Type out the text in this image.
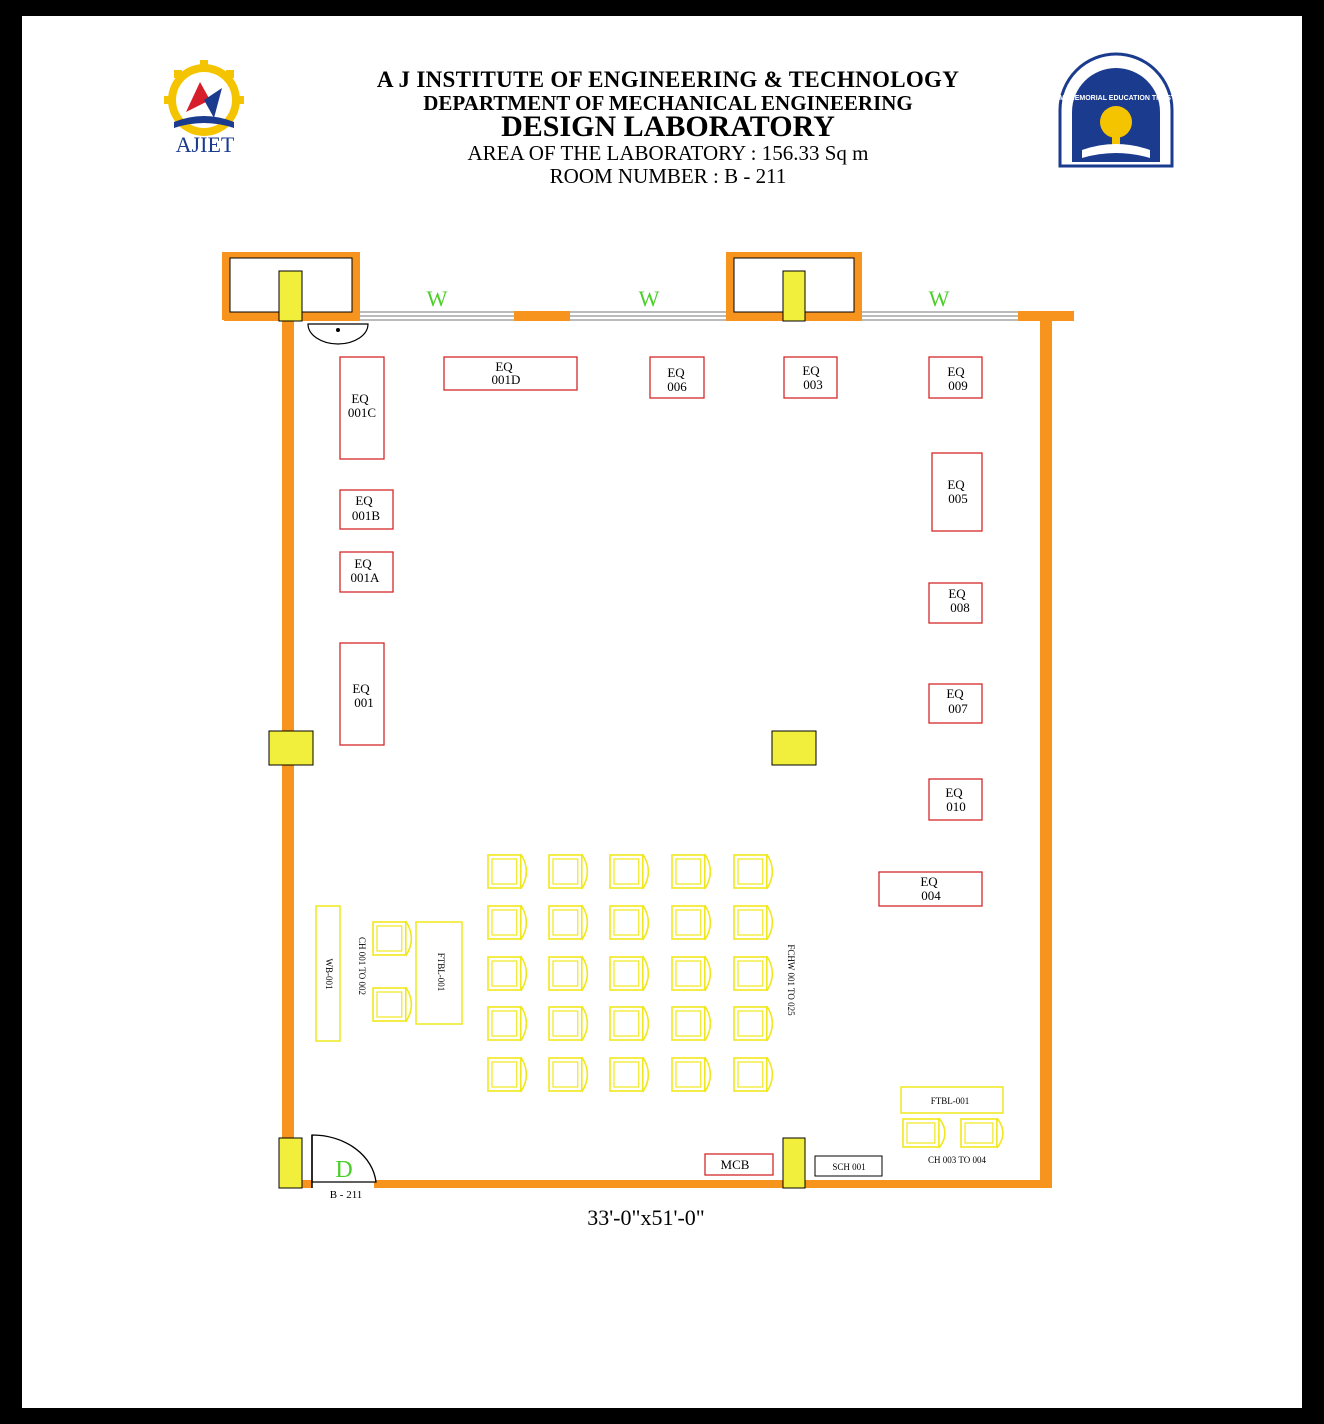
A J INSTITUTE OF ENGINEERING & TECHNOLOGY
DEPARTMENT OF MECHANICAL ENGINEERING
DESIGN LABORATORY
AREA OF THE LABORATORY : 156.33 Sq m
ROOM NUMBER : B - 211
AJIET
LAXMI MEMORIAL EDUCATION TRUST (R)
W	W	W
EQ
001D	EQ
006
EQ
003
EQ
009
EQ
001C
EQ
001B
EQ
001A
EQ
001
EQ
005
EQ
008
EQ
007
EQ
010
EQ
004
FCHW 001 TO 025
WB-001	CH 001 TO 002	FTBL-001
FTBL-001
CH 003 TO 004
MCB	SCH 001
D
B - 211
33'-0"x51'-0"
